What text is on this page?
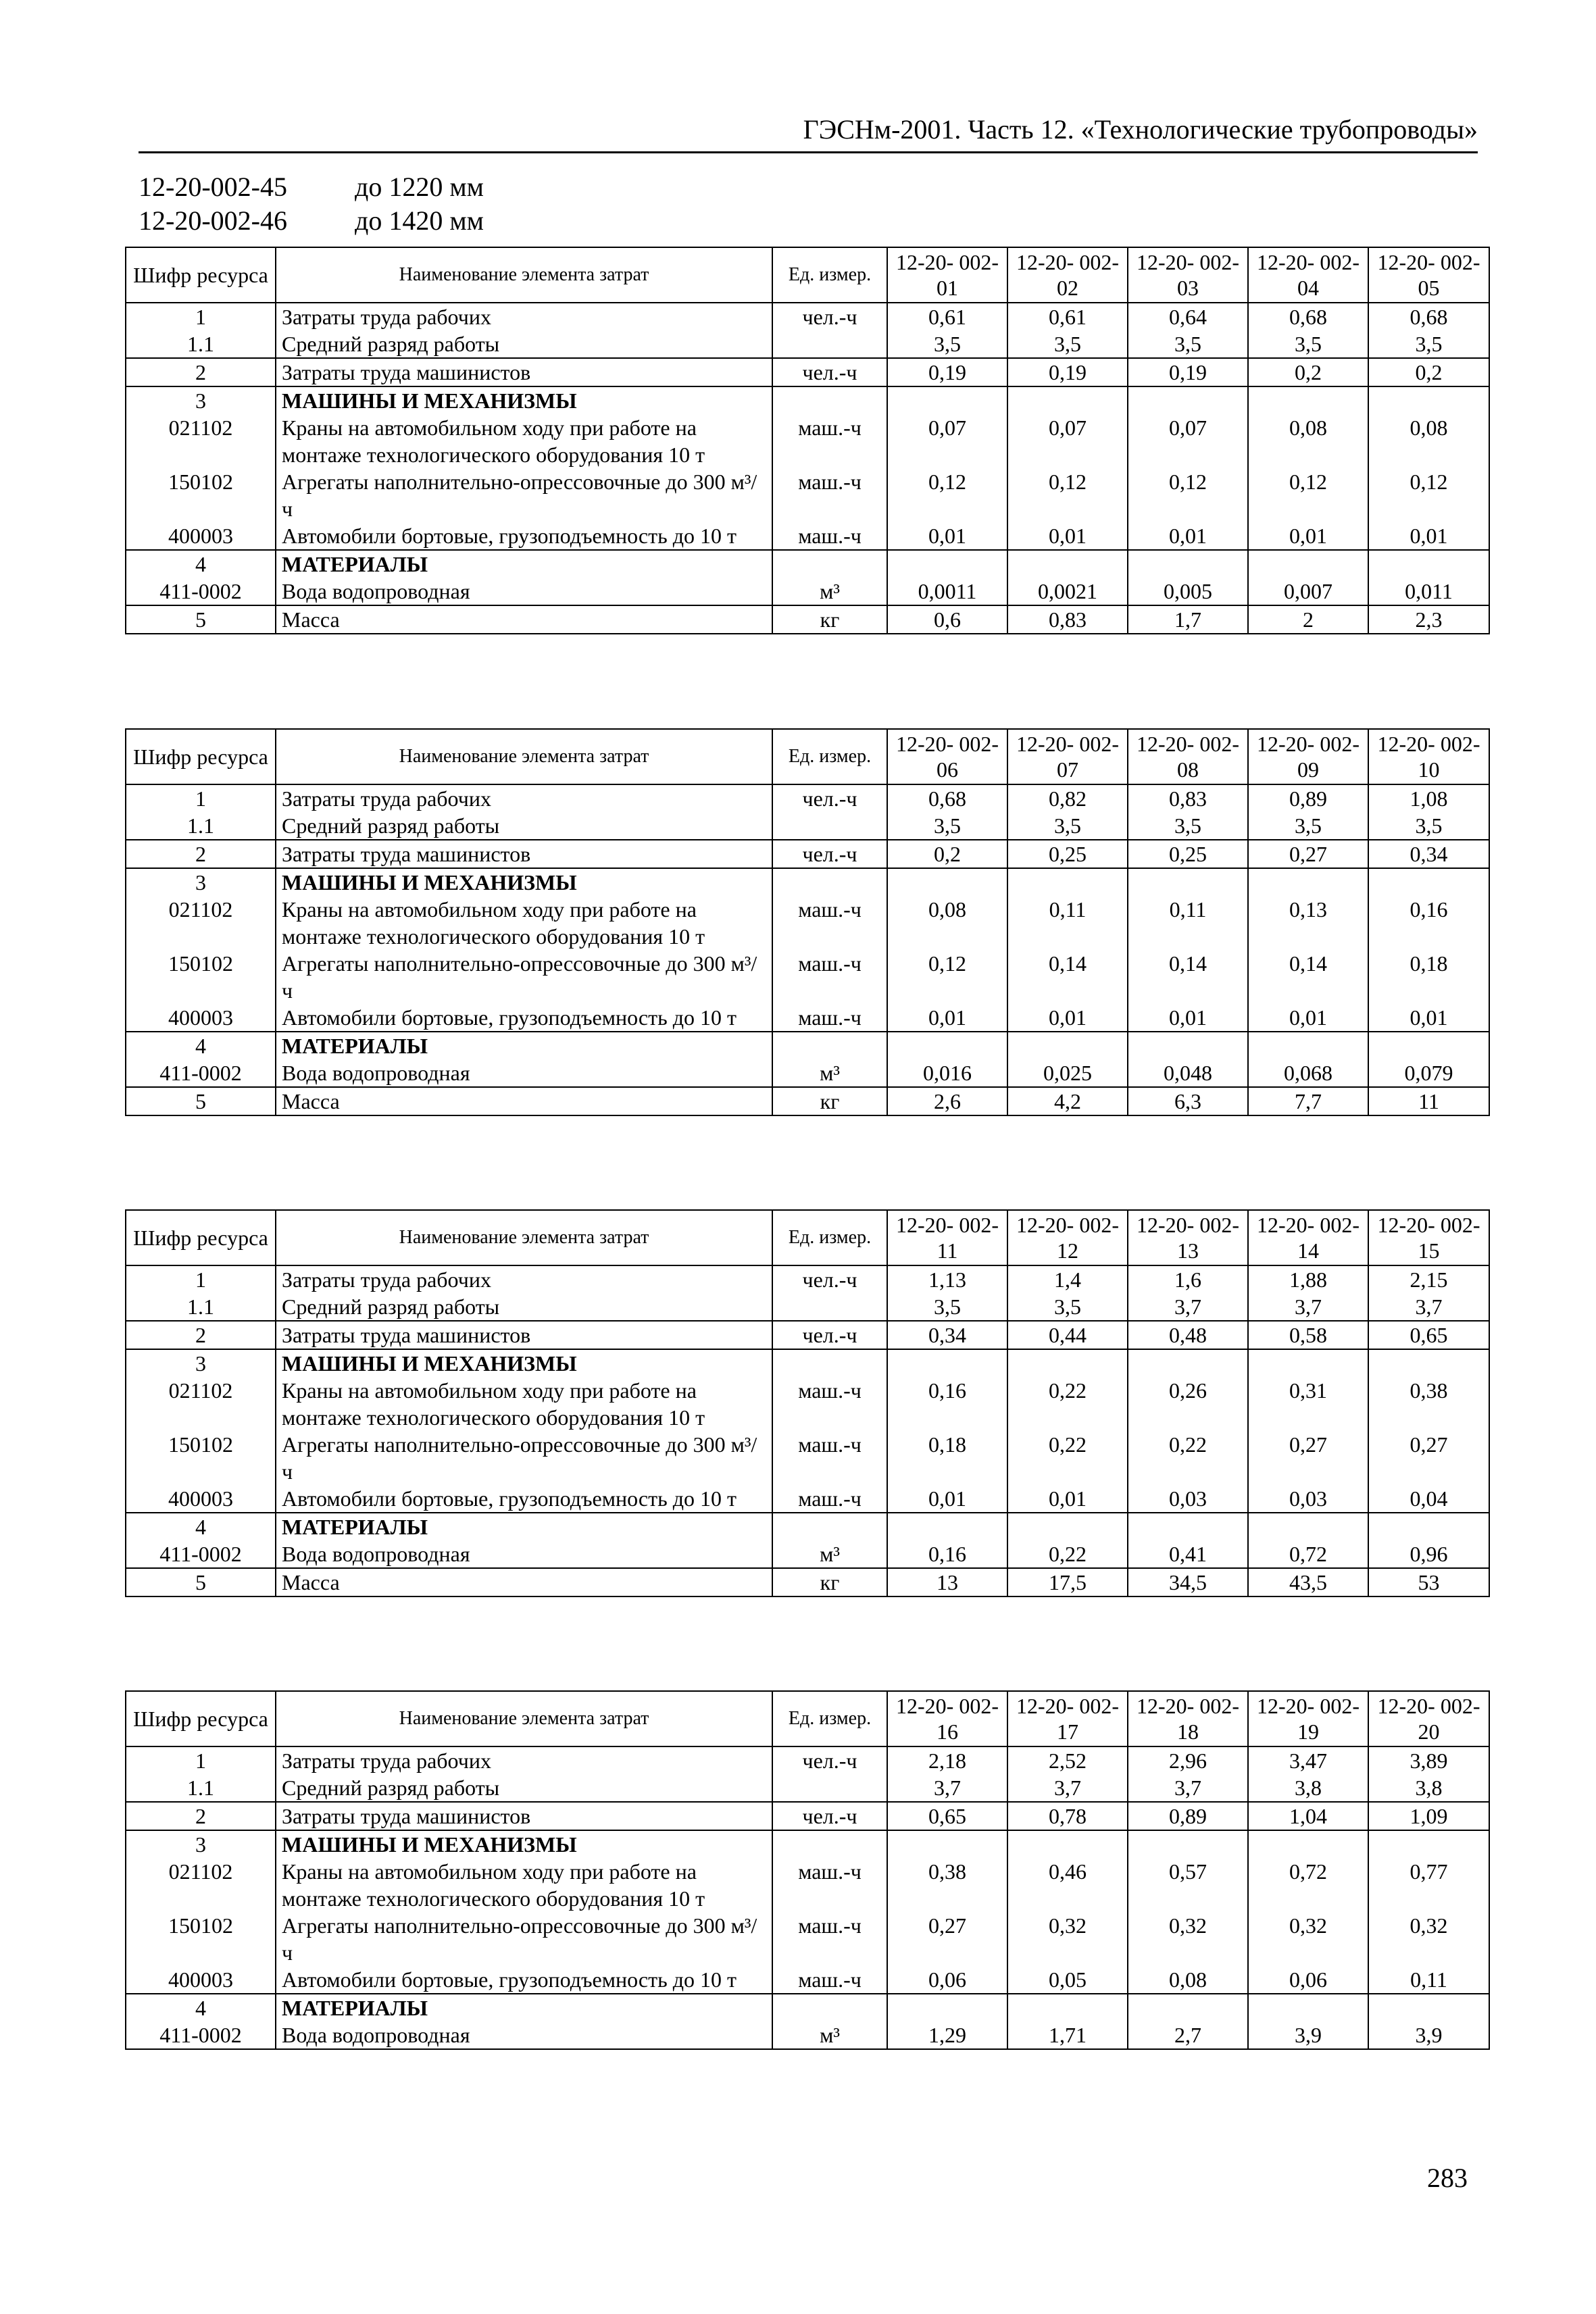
ГЭСНм-2001. Часть 12. «Технологические трубопроводы»
12-20-002-45	до 1220 мм
12-20-002-46	до 1420 мм
Шифр ресурса	Наименование элемента затрат	Ед. измер.	12-20- 002-01	12-20- 002-02	12-20- 002-03	12-20- 002-04	12-20- 002-05
1	Затраты труда рабочих	чел.-ч	0,61	0,61	0,64	0,68	0,68
1.1	Средний разряд работы		3,5	3,5	3,5	3,5	3,5
2	Затраты труда машинистов	чел.-ч	0,19	0,19	0,19	0,2	0,2
3	МАШИНЫ И МЕХАНИЗМЫ						
021102	Краны на автомобильном ходу при работе на монтаже технологического оборудования 10 т	маш.-ч	0,07	0,07	0,07	0,08	0,08
150102	Агрегаты наполнительно-опрессовочные до 300 м³/ч	маш.-ч	0,12	0,12	0,12	0,12	0,12
400003	Автомобили бортовые, грузоподъемность до 10 т	маш.-ч	0,01	0,01	0,01	0,01	0,01
4	МАТЕРИАЛЫ						
411-0002	Вода водопроводная	м³	0,0011	0,0021	0,005	0,007	0,011
5	Масса	кг	0,6	0,83	1,7	2	2,3
Шифр ресурса	Наименование элемента затрат	Ед. измер.	12-20- 002-06	12-20- 002-07	12-20- 002-08	12-20- 002-09	12-20- 002-10
1	Затраты труда рабочих	чел.-ч	0,68	0,82	0,83	0,89	1,08
1.1	Средний разряд работы		3,5	3,5	3,5	3,5	3,5
2	Затраты труда машинистов	чел.-ч	0,2	0,25	0,25	0,27	0,34
3	МАШИНЫ И МЕХАНИЗМЫ						
021102	Краны на автомобильном ходу при работе на монтаже технологического оборудования 10 т	маш.-ч	0,08	0,11	0,11	0,13	0,16
150102	Агрегаты наполнительно-опрессовочные до 300 м³/ч	маш.-ч	0,12	0,14	0,14	0,14	0,18
400003	Автомобили бортовые, грузоподъемность до 10 т	маш.-ч	0,01	0,01	0,01	0,01	0,01
4	МАТЕРИАЛЫ						
411-0002	Вода водопроводная	м³	0,016	0,025	0,048	0,068	0,079
5	Масса	кг	2,6	4,2	6,3	7,7	11
Шифр ресурса	Наименование элемента затрат	Ед. измер.	12-20- 002-11	12-20- 002-12	12-20- 002-13	12-20- 002-14	12-20- 002-15
1	Затраты труда рабочих	чел.-ч	1,13	1,4	1,6	1,88	2,15
1.1	Средний разряд работы		3,5	3,5	3,7	3,7	3,7
2	Затраты труда машинистов	чел.-ч	0,34	0,44	0,48	0,58	0,65
3	МАШИНЫ И МЕХАНИЗМЫ						
021102	Краны на автомобильном ходу при работе на монтаже технологического оборудования 10 т	маш.-ч	0,16	0,22	0,26	0,31	0,38
150102	Агрегаты наполнительно-опрессовочные до 300 м³/ч	маш.-ч	0,18	0,22	0,22	0,27	0,27
400003	Автомобили бортовые, грузоподъемность до 10 т	маш.-ч	0,01	0,01	0,03	0,03	0,04
4	МАТЕРИАЛЫ						
411-0002	Вода водопроводная	м³	0,16	0,22	0,41	0,72	0,96
5	Масса	кг	13	17,5	34,5	43,5	53
Шифр ресурса	Наименование элемента затрат	Ед. измер.	12-20- 002-16	12-20- 002-17	12-20- 002-18	12-20- 002-19	12-20- 002-20
1	Затраты труда рабочих	чел.-ч	2,18	2,52	2,96	3,47	3,89
1.1	Средний разряд работы		3,7	3,7	3,7	3,8	3,8
2	Затраты труда машинистов	чел.-ч	0,65	0,78	0,89	1,04	1,09
3	МАШИНЫ И МЕХАНИЗМЫ						
021102	Краны на автомобильном ходу при работе на монтаже технологического оборудования 10 т	маш.-ч	0,38	0,46	0,57	0,72	0,77
150102	Агрегаты наполнительно-опрессовочные до 300 м³/ч	маш.-ч	0,27	0,32	0,32	0,32	0,32
400003	Автомобили бортовые, грузоподъемность до 10 т	маш.-ч	0,06	0,05	0,08	0,06	0,11
4	МАТЕРИАЛЫ						
411-0002	Вода водопроводная	м³	1,29	1,71	2,7	3,9	3,9
283
